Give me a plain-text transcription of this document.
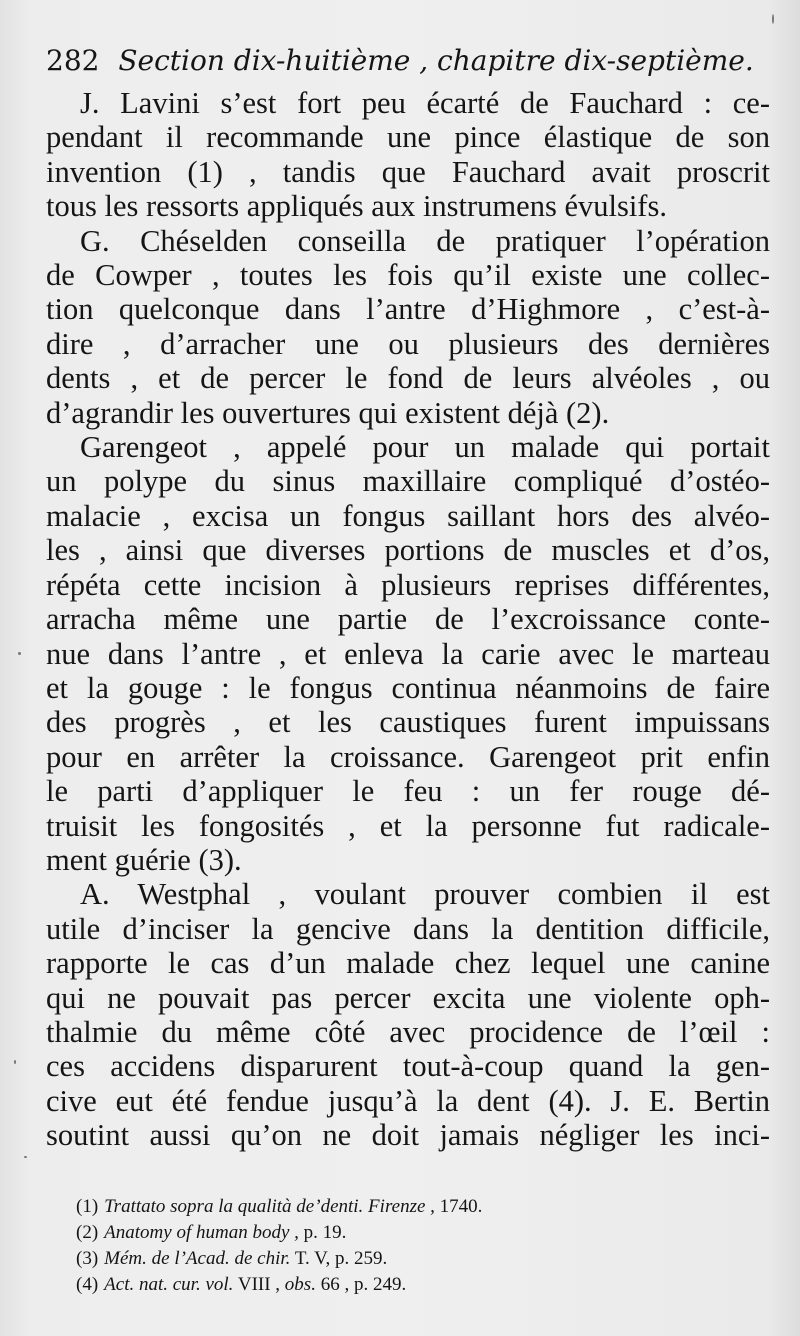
282 Section dix-huitième , chapitre dix-septième.
J. Lavini s’est fort peu écarté de Fauchard : ce-
pendant il recommande une pince élastique de son
invention (1) , tandis que Fauchard avait proscrit
tous les ressorts appliqués aux instrumens évulsifs.
G. Chéselden conseilla de pratiquer l’opération
de Cowper , toutes les fois qu’il existe une collec-
tion quelconque dans l’antre d’Highmore , c’est-à-
dire , d’arracher une ou plusieurs des dernières
dents , et de percer le fond de leurs alvéoles , ou
d’agrandir les ouvertures qui existent déjà (2).
Garengeot , appelé pour un malade qui portait
un polype du sinus maxillaire compliqué d’ostéo-
malacie , excisa un fongus saillant hors des alvéo-
les , ainsi que diverses portions de muscles et d’os,
répéta cette incision à plusieurs reprises différentes,
arracha même une partie de l’excroissance conte-
nue dans l’antre , et enleva la carie avec le marteau
et la gouge : le fongus continua néanmoins de faire
des progrès , et les caustiques furent impuissans
pour en arrêter la croissance. Garengeot prit enfin
le parti d’appliquer le feu : un fer rouge dé-
truisit les fongosités , et la personne fut radicale-
ment guérie (3).
A. Westphal , voulant prouver combien il est
utile d’inciser la gencive dans la dentition difficile,
rapporte le cas d’un malade chez lequel une canine
qui ne pouvait pas percer excita une violente oph-
thalmie du même côté avec procidence de l’œil :
ces accidens disparurent tout-à-coup quand la gen-
cive eut été fendue jusqu’à la dent (4). J. E. Bertin
soutint aussi qu’on ne doit jamais négliger les inci-
(1) Trattato sopra la qualità de’denti. Firenze , 1740.
(2) Anatomy of human body , p. 19.
(3) Mém. de l’Acad. de chir. T. V, p. 259.
(4) Act. nat. cur. vol. VIII , obs. 66 , p. 249.
